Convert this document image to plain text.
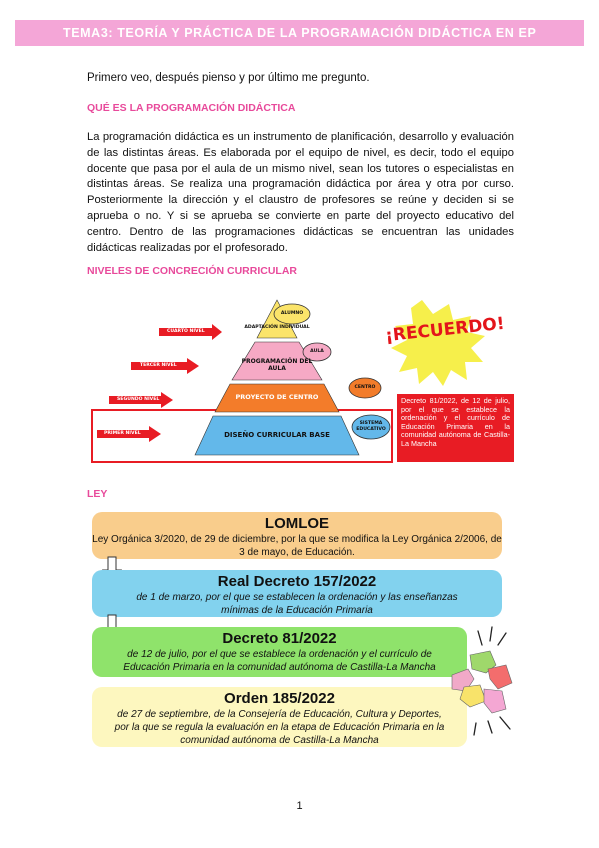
TEMA3: TEORÍA Y PRÁCTICA DE LA PROGRAMACIÓN DIDÁCTICA EN EP
Primero veo, después pienso y por último me pregunto.
QUÉ ES LA PROGRAMACIÓN DIDÁCTICA

La programación didáctica es un instrumento de planificación, desarrollo y evaluación de las distintas áreas. Es elaborada por el equipo de nivel, es decir, todo el equipo docente que pasa por el aula de un mismo nivel, sean los tutores o especialistas en distintas áreas. Se realiza una programación didáctica por área y otra por curso. Posteriormente la dirección y el claustro de profesores se reúne y deciden si se aprueba o no. Y si se aprueba se convierte en parte del proyecto educativo del centro. Dentro de las programaciones didácticas se encuentran las unidades didácticas realizadas por el profesorado.

NIVELES DE CONCRECIÓN CURRICULAR
ADAPTACIÓN INDIVIDUAL
PROGRAMACIÓN DEL AULA
PROYECTO DE CENTRO
DISEÑO CURRICULAR BASE
CUARTO NIVEL
TERCER NIVEL
SEGUNDO NIVEL
PRIMER NIVEL
ALUMNO
AULA
CENTRO
SISTEMA EDUCATIVO
¡RECUERDO!
Decreto 81/2022, de 12 de julio, por el que se establece la ordenación y el currículo de Educación Primaria en la comunidad autónoma de Castilla-La Mancha
LEY
LOMLOE
Ley Orgánica 3/2020, de 29 de diciembre, por la que se modifica la Ley Orgánica 2/2006, de 3 de mayo, de Educación.
Real Decreto 157/2022
de 1 de marzo, por el que se establecen la ordenación y las enseñanzas mínimas de la Educación Primaria
Decreto 81/2022
de 12 de julio, por el que se establece la ordenación y el currículo de Educación Primaria en la comunidad autónoma de Castilla-La Mancha
Orden 185/2022
de 27 de septiembre, de la Consejería de Educación, Cultura y Deportes, por la que se regula la evaluación en la etapa de Educación Primaria en la comunidad autónoma de Castilla-La Mancha
1
